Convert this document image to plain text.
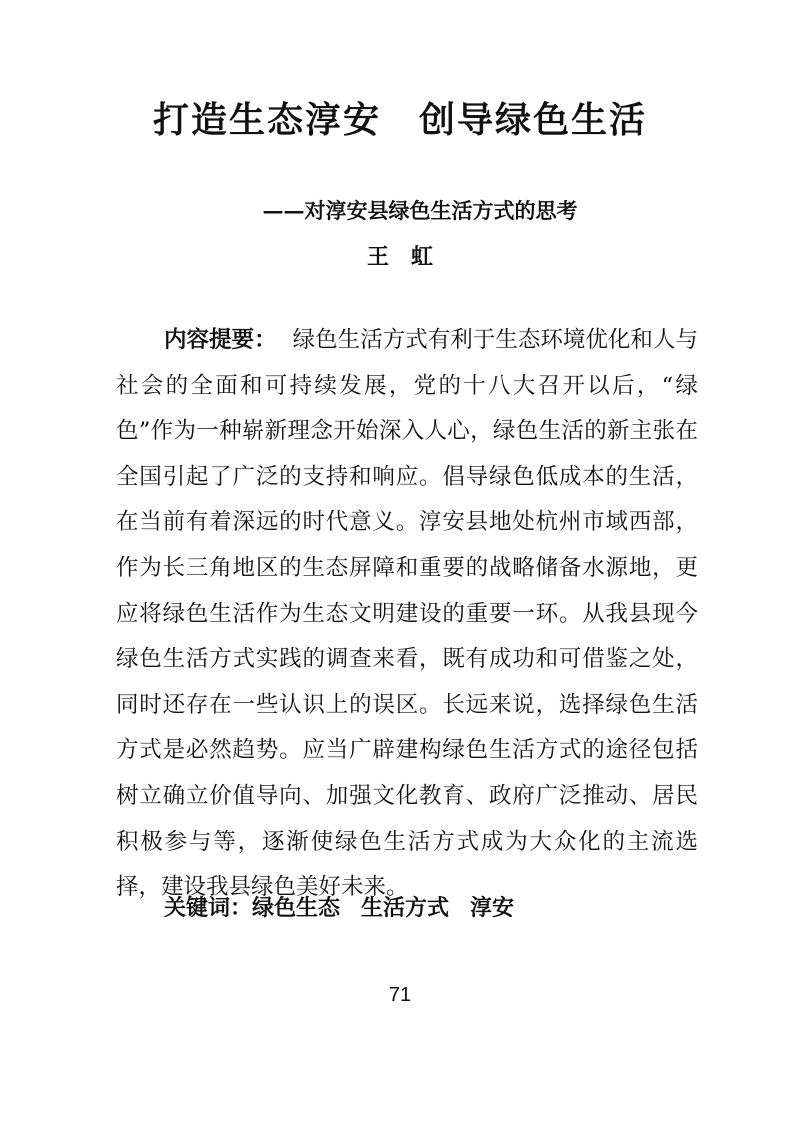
打造生态淳安　创导绿色生活

——对淳安县绿色生活方式的思考

王　虹

内容提要： 绿色生活方式有利于生态环境优化和人与社会的全面和可持续发展，党的十八大召开以后，“绿色”作为一种崭新理念开始深入人心，绿色生活的新主张在全国引起了广泛的支持和响应。倡导绿色低成本的生活，在当前有着深远的时代意义。淳安县地处杭州市域西部，作为长三角地区的生态屏障和重要的战略储备水源地，更应将绿色生活作为生态文明建设的重要一环。从我县现今绿色生活方式实践的调查来看，既有成功和可借鉴之处，同时还存在一些认识上的误区。长远来说，选择绿色生活方式是必然趋势。应当广辟建构绿色生活方式的途径包括树立确立价值导向、加强文化教育、政府广泛推动、居民积极参与等，逐渐使绿色生活方式成为大众化的主流选择，建设我县绿色美好未来。

关键词：绿色生态 生活方式 淳安

71
